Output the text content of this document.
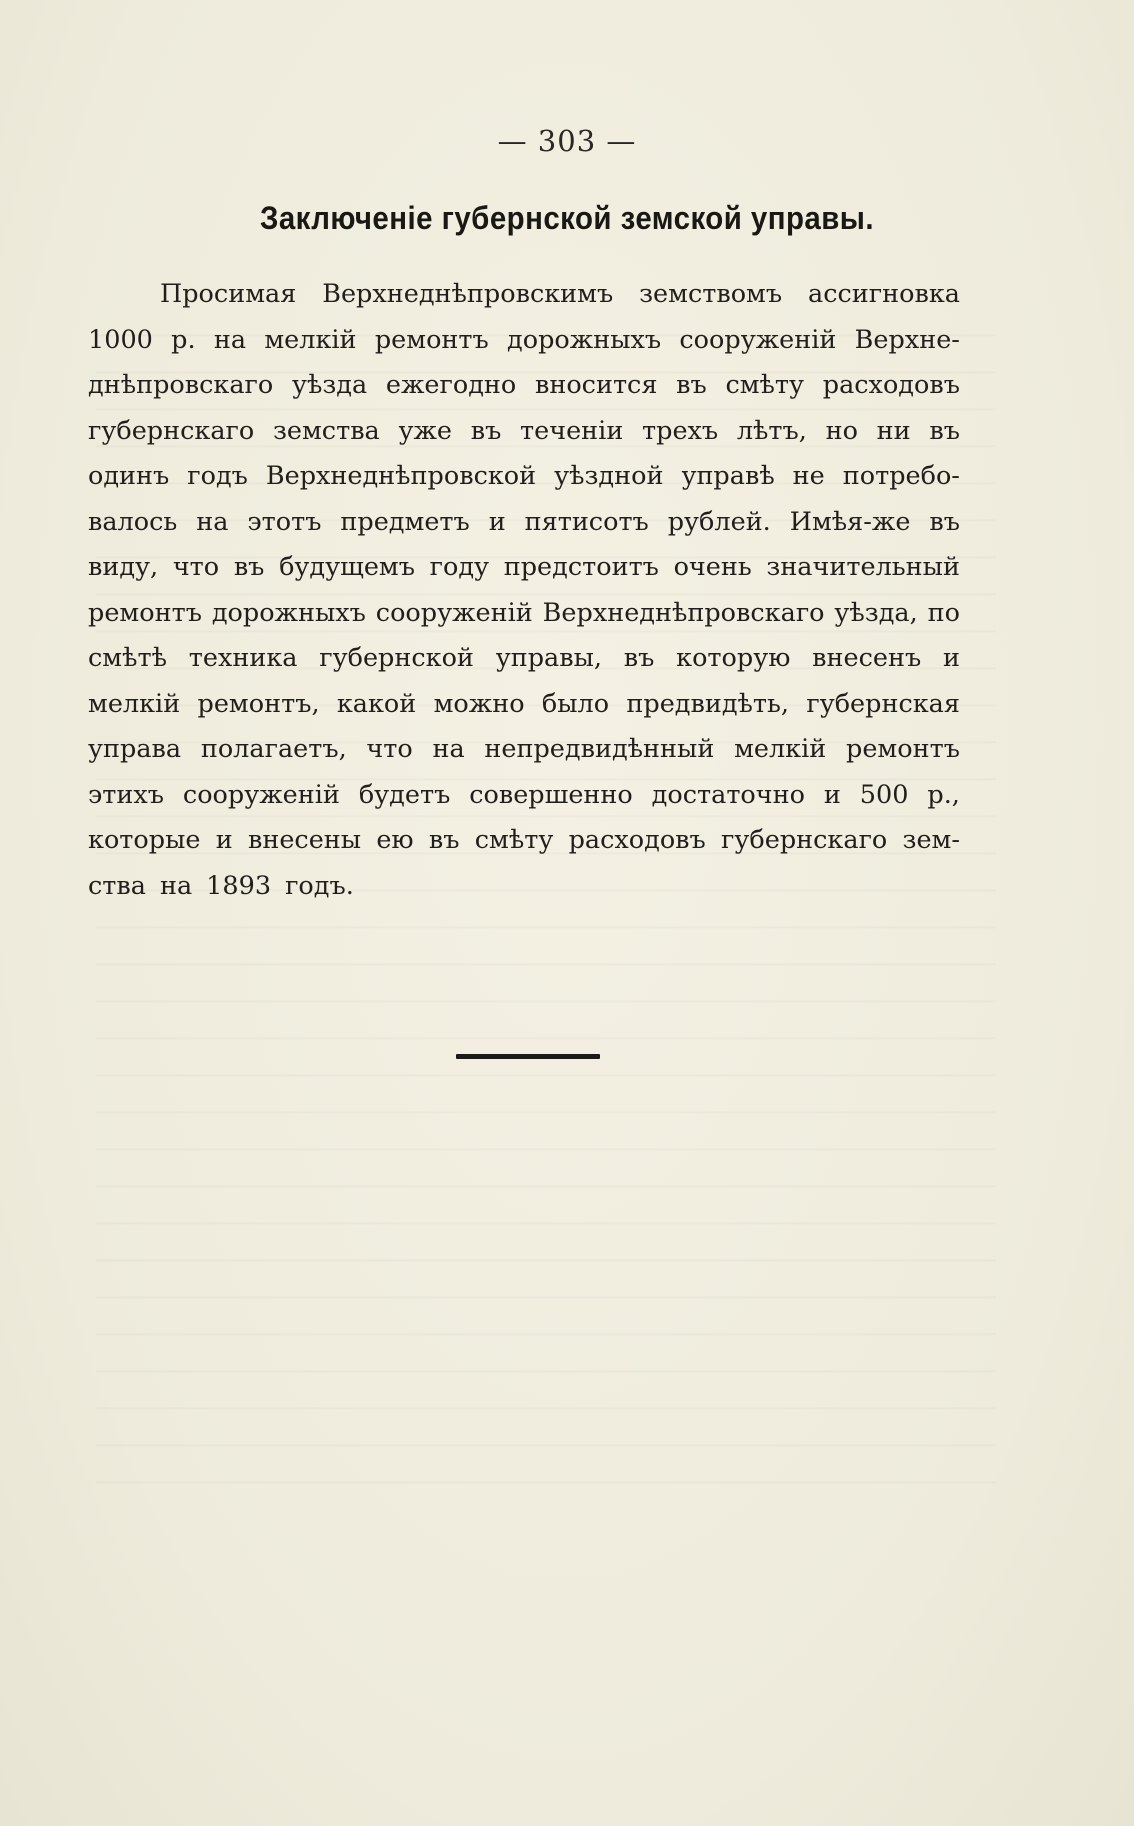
— 303 —
Заключеніе губернской земской управы.
Просимая Верхнеднѣпровскимъ земствомъ ассигновка
1000 р. на мелкій ремонтъ дорожныхъ сооруженій Верхне-
днѣпровскаго уѣзда ежегодно вносится въ смѣту расходовъ
губернскаго земства уже въ теченіи трехъ лѣтъ, но ни въ
одинъ годъ Верхнеднѣпровской уѣздной управѣ не потребо-
валось на этотъ предметъ и пятисотъ рублей. Имѣя-же въ
виду, что въ будущемъ году предстоитъ очень значительный
ремонтъ дорожныхъ сооруженій Верхнеднѣпровскаго уѣзда, по
смѣтѣ техника губернской управы, въ которую внесенъ и
мелкій ремонтъ, какой можно было предвидѣть, губернская
управа полагаетъ, что на непредвидѣнный мелкій ремонтъ
этихъ сооруженій будетъ совершенно достаточно и 500 р.,
которые и внесены ею въ смѣту расходовъ губернскаго зем-
ства на 1893 годъ.
